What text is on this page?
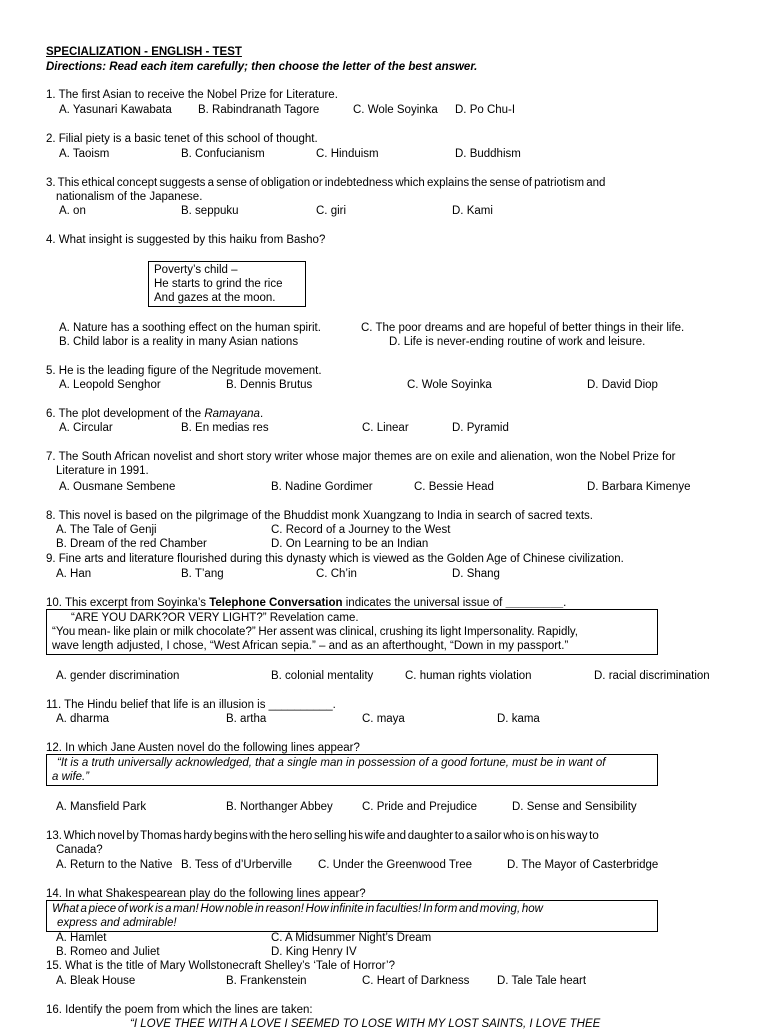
SPECIALIZATION - ENGLISH - TEST
Directions: Read each item carefully; then choose the letter of the best answer.
1. The first Asian to receive the Nobel Prize for Literature.
A. Yasunari Kawabata B. Rabindranath Tagore	C. Wole Soyinka D. Po Chu-I
2. Filial piety is a basic tenet of this school of thought.
A. Taoism	B. Confucianism	C. Hinduism	D. Buddhism
3. This ethical concept suggests a sense of obligation or indebtedness which explains the sense of patriotism and
nationalism of the Japanese.
A. on	B. seppuku	C. giri	D. Kami
4. What insight is suggested by this haiku from Basho?
Poverty’s child –
He starts to grind the rice
And gazes at the moon.
A. Nature has a soothing effect on the human spirit.	C. The poor dreams and are hopeful of better things in their life.
B. Child labor is a reality in many Asian nations	D. Life is never-ending routine of work and leisure.
5. He is the leading figure of the Negritude movement.
A. Leopold Senghor	B. Dennis Brutus	C. Wole Soyinka	D. David Diop
6. The plot development of the Ramayana.
A. Circular	B. En medias res	C. Linear	D. Pyramid
7. The South African novelist and short story writer whose major themes are on exile and alienation, won the Nobel Prize for
Literature in 1991.
A. Ousmane Sembene	B. Nadine Gordimer	C. Bessie Head	D. Barbara Kimenye
8. This novel is based on the pilgrimage of the Bhuddist monk Xuangzang to India in search of sacred texts.
A. The Tale of Genji	C. Record of a Journey to the West
B. Dream of the red Chamber	D. On Learning to be an Indian
9. Fine arts and literature flourished during this dynasty which is viewed as the Golden Age of Chinese civilization.
A. Han	B. T’ang	C. Ch’in	D. Shang
10. This excerpt from Soyinka’s Telephone Conversation indicates the universal issue of _________.
“ARE YOU DARK?OR VERY LIGHT?” Revelation came.
“You mean- like plain or milk chocolate?” Her assent was clinical, crushing its light Impersonality. Rapidly,
wave length adjusted, I chose, “West African sepia.” – and as an afterthought, “Down in my passport.”
A. gender discrimination	B. colonial mentality	C. human rights violation	D. racial discrimination
11. The Hindu belief that life is an illusion is __________.
A. dharma	B. artha	C. maya	D. kama
12. In which Jane Austen novel do the following lines appear?
“It is a truth universally acknowledged, that a single man in possession of a good fortune, must be in want of
a wife.”
A. Mansfield Park	B. Northanger Abbey	C. Pride and Prejudice	D. Sense and Sensibility
13. Which novel by Thomas hardy begins with the hero selling his wife and daughter to a sailor who is on his way to
Canada?
A. Return to the Native B. Tess of d’Urberville C. Under the Greenwood Tree	D. The Mayor of Casterbridge
14. In what Shakespearean play do the following lines appear?
What a piece of work is a man! How noble in reason! How infinite in faculties! In form and moving, how
express and admirable!
A. Hamlet	C. A Midsummer Night’s Dream
B. Romeo and Juliet	D. King Henry IV
15. What is the title of Mary Wollstonecraft Shelley’s ‘Tale of Horror’?
A. Bleak House	B. Frankenstein	C. Heart of Darkness D. Tale Tale heart
16. Identify the poem from which the lines are taken:
“I LOVE THEE WITH A LOVE I SEEMED TO LOSE WITH MY LOST SAINTS, I LOVE THEE
